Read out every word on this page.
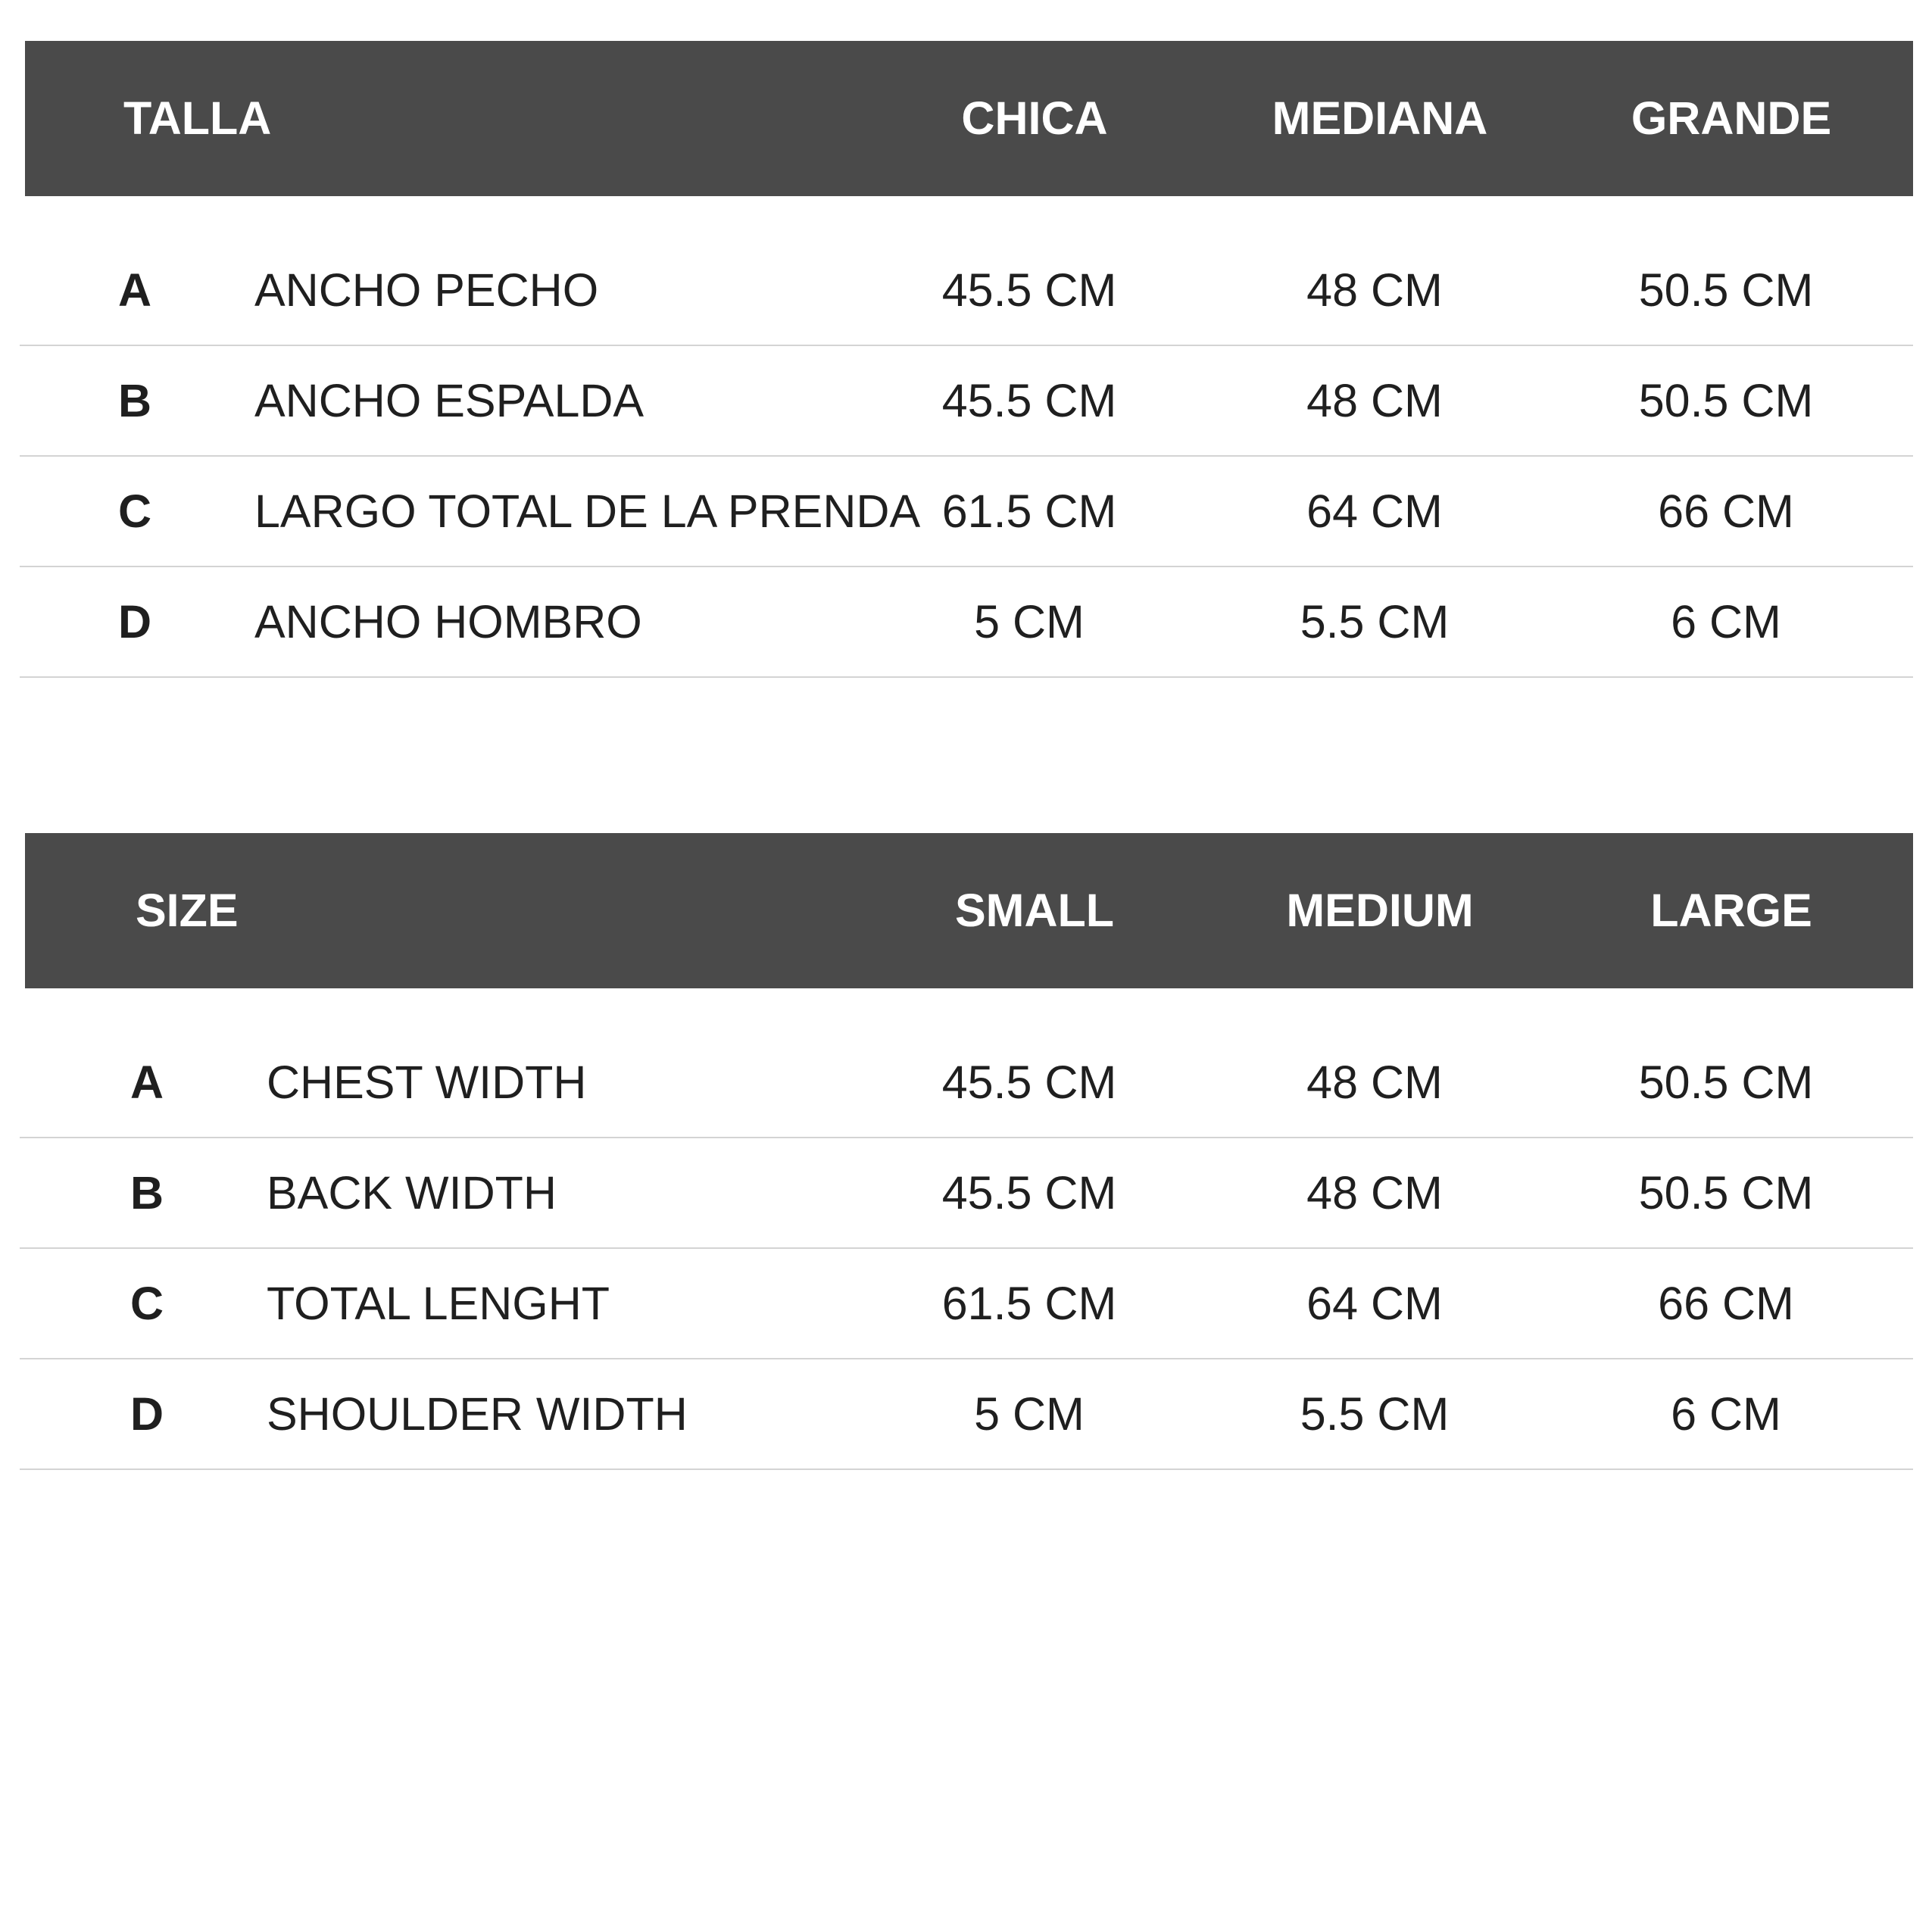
TALLA	CHICA	MEDIANA	GRANDE
A ANCHO PECHO	45.5 CM	48 CM	50.5 CM
B ANCHO ESPALDA	45.5 CM	48 CM	50.5 CM
C LARGO TOTAL DE LA PRENDA 61.5 CM	64 CM	66 CM
D ANCHO HOMBRO	5 CM	5.5 CM	6 CM
SIZE	SMALL	MEDIUM	LARGE
A CHEST WIDTH	45.5 CM	48 CM	50.5 CM
B BACK WIDTH	45.5 CM	48 CM	50.5 CM
C TOTAL LENGHT	61.5 CM	64 CM	66 CM
D SHOULDER WIDTH	5 CM	5.5 CM	6 CM
